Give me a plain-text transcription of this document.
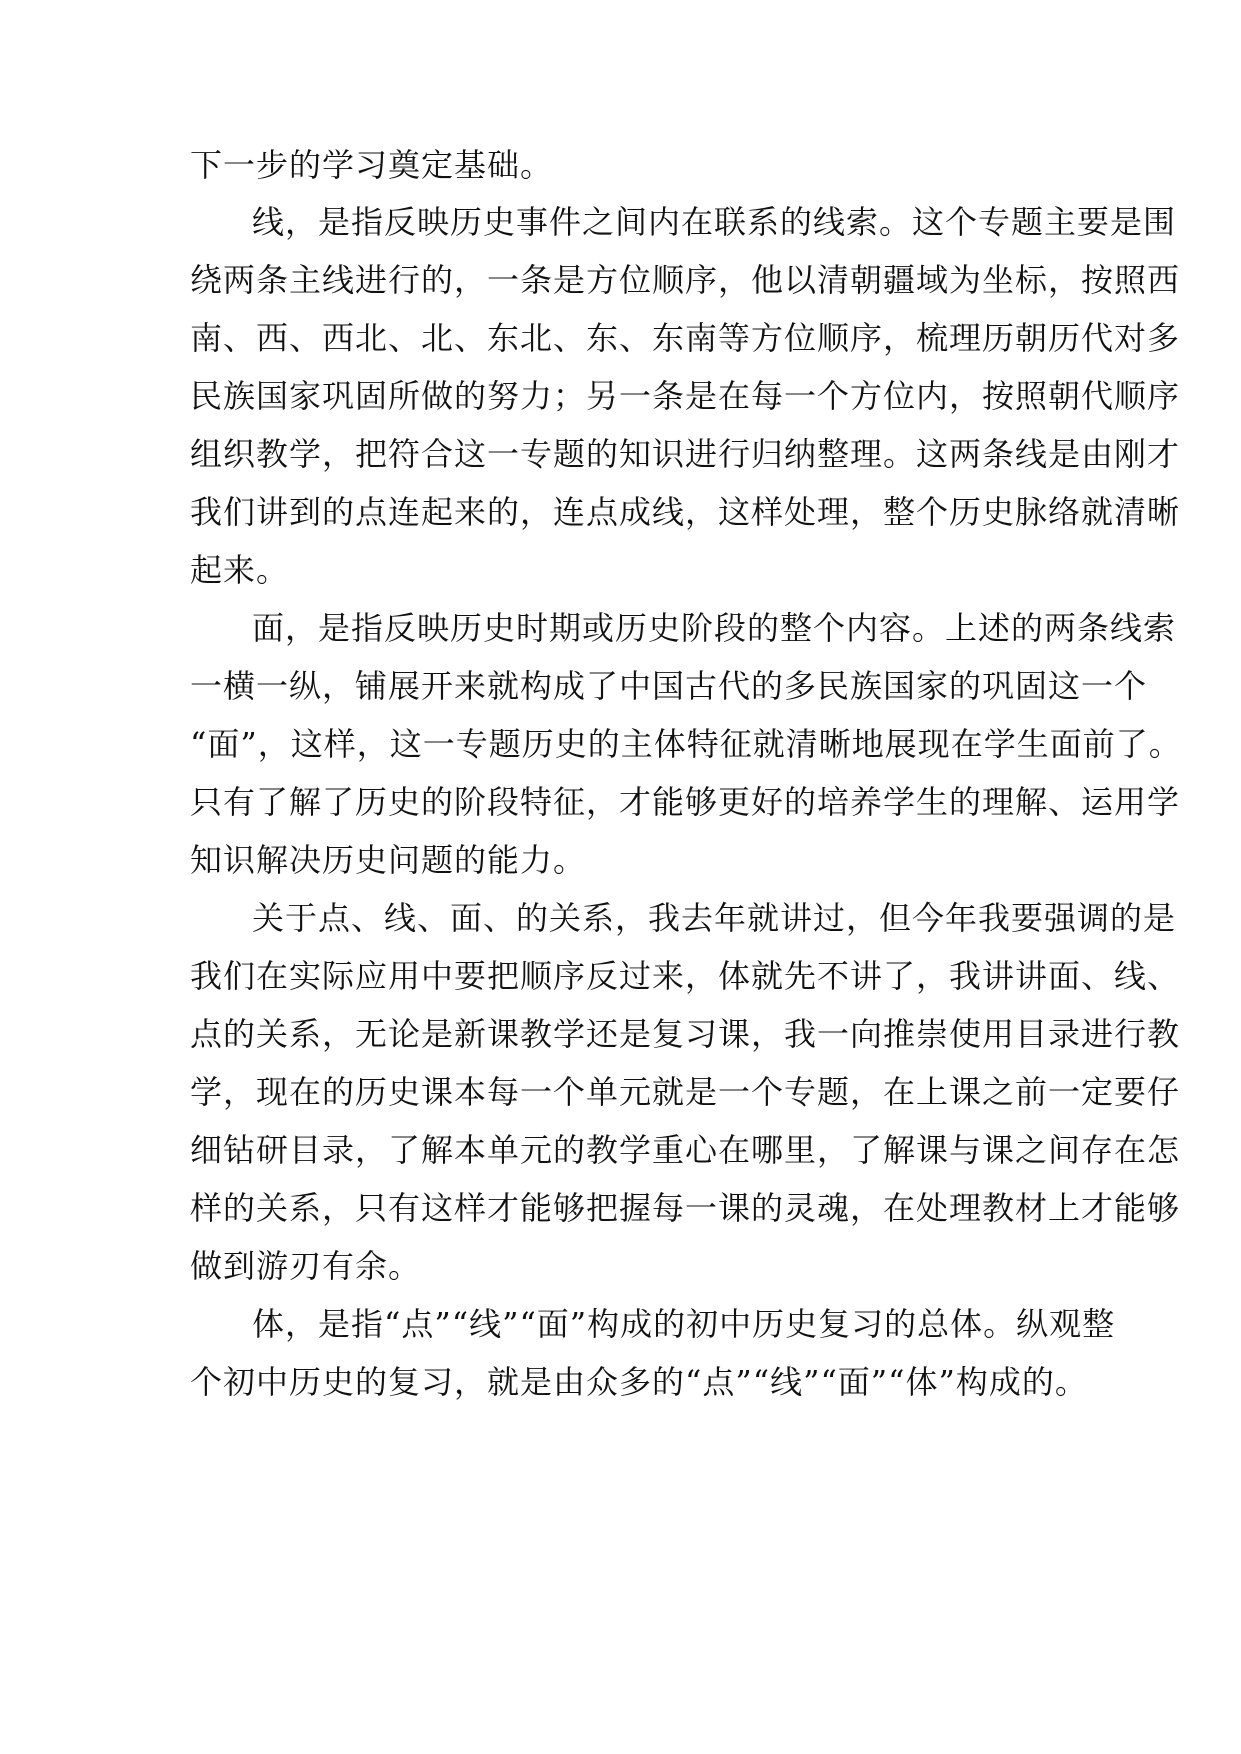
下一步的学习奠定基础。
线，是指反映历史事件之间内在联系的线索。这个专题主要是围
绕两条主线进行的，一条是方位顺序，他以清朝疆域为坐标，按照西
南、西、西北、北、东北、东、东南等方位顺序，梳理历朝历代对多
民族国家巩固所做的努力；另一条是在每一个方位内，按照朝代顺序
组织教学，把符合这一专题的知识进行归纳整理。这两条线是由刚才
我们讲到的点连起来的，连点成线，这样处理，整个历史脉络就清晰
起来。
面，是指反映历史时期或历史阶段的整个内容。上述的两条线索
一横一纵，铺展开来就构成了中国古代的多民族国家的巩固这一个
“面”，这样，这一专题历史的主体特征就清晰地展现在学生面前了。
只有了解了历史的阶段特征，才能够更好的培养学生的理解、运用学
知识解决历史问题的能力。
关于点、线、面、的关系，我去年就讲过，但今年我要强调的是
我们在实际应用中要把顺序反过来，体就先不讲了，我讲讲面、线、
点的关系，无论是新课教学还是复习课，我一向推崇使用目录进行教
学，现在的历史课本每一个单元就是一个专题，在上课之前一定要仔
细钻研目录，了解本单元的教学重心在哪里，了解课与课之间存在怎
样的关系，只有这样才能够把握每一课的灵魂，在处理教材上才能够
做到游刃有余。
体，是指“点”“线”“面”构成的初中历史复习的总体。纵观整
个初中历史的复习，就是由众多的“点”“线”“面”“体”构成的。
